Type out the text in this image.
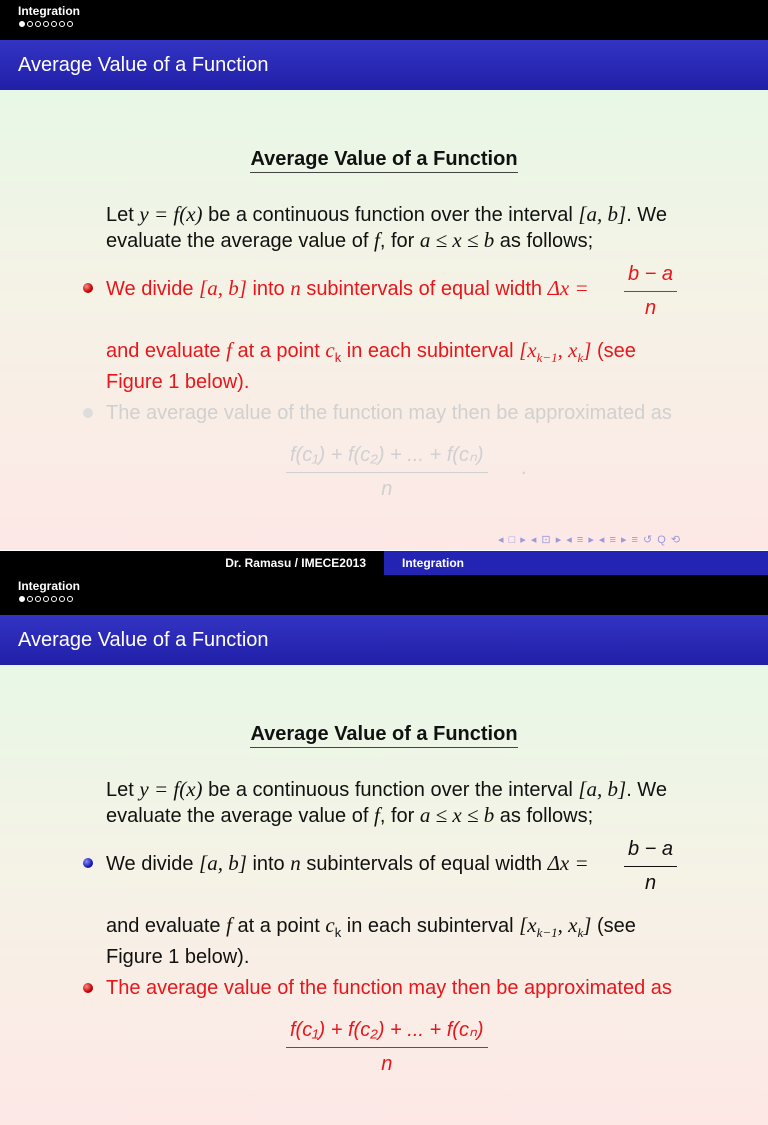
Integration
Average Value of a Function
Average Value of a Function
Let y = f(x) be a continuous function over the interval [a, b]. We
evaluate the average value of f, for a ≤ x ≤ b as follows;
We divide [a, b] into n subintervals of equal width Δx =	$\frac{b - a}{n}$
and evaluate f at a point $c_k$ in each subinterval [$x_{k-1}$, $x_k$] (see
Figure 1 below).
The average value of the function may then be approximated as
$\frac{\text{f(c₁) + f(c₂) + ... + f(cₙ)}}{n}$ .
◂ □ ▸ ◂ ⊡ ▸ ◂ ≡ ▸ ◂ ≡ ▸ ≡ ↺ Q ⟲
Dr. Ramasu / IMECE2013	Integration
Integration
Average Value of a Function
Average Value of a Function
Let y = f(x) be a continuous function over the interval [a, b]. We
evaluate the average value of f, for a ≤ x ≤ b as follows;
We divide [a, b] into n subintervals of equal width Δx =	$\frac{b - a}{n}$
and evaluate f at a point $c_k$ in each subinterval [$x_{k-1}$, $x_k$] (see
Figure 1 below).
The average value of the function may then be approximated as
$\frac{\text{f(c₁) + f(c₂) + ... + f(cₙ)}}{n}$
